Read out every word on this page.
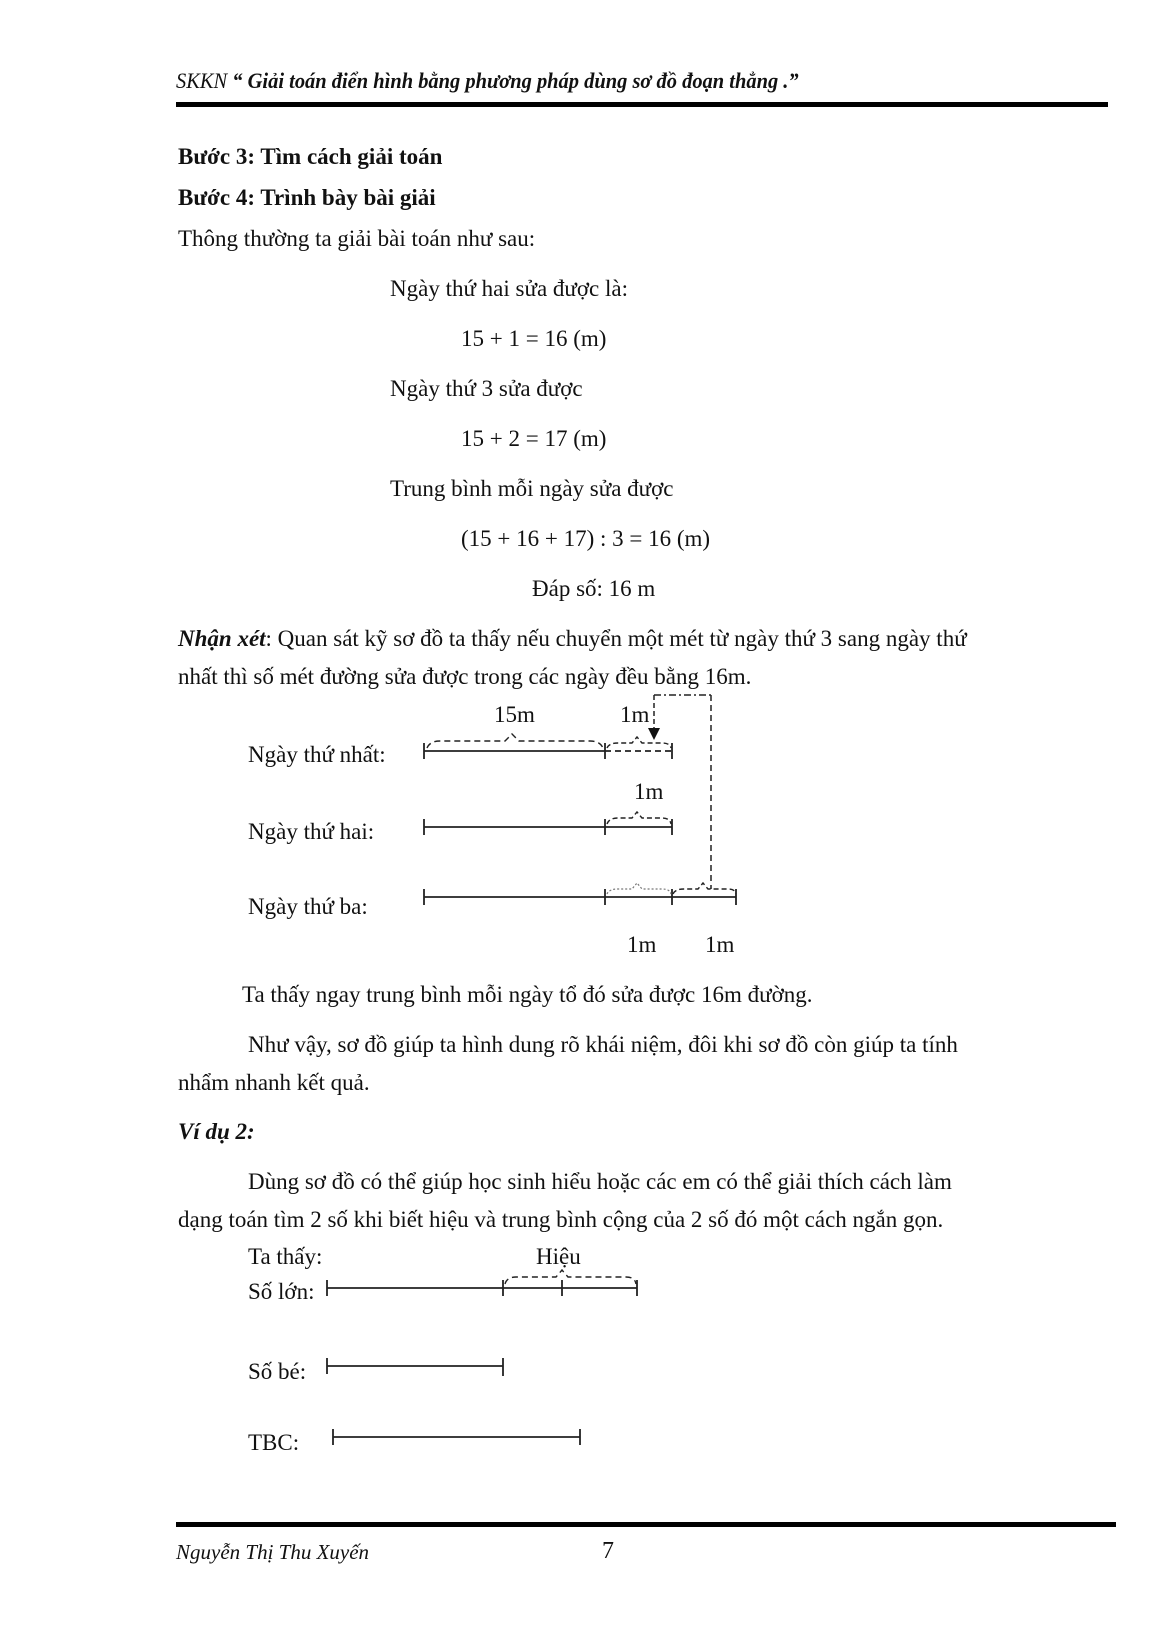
SKKN “ Giải toán điển hình bằng phương pháp dùng sơ đồ đoạn thẳng .”
Bước 3: Tìm cách giải toán
Bước 4: Trình bày bài giải
Thông thường ta giải bài toán như sau:
Ngày thứ hai sửa được là:
15 + 1 = 16 (m)
Ngày thứ 3 sửa được
15 + 2 = 17 (m)
Trung bình mỗi ngày sửa được
(15 + 16 + 17) : 3 = 16 (m)
Đáp số: 16 m
Nhận xét: Quan sát kỹ sơ đồ ta thấy nếu chuyển một mét từ ngày thứ 3 sang ngày thứ
nhất thì số mét đường sửa được trong các ngày đều bằng 16m.
15m	1m
1m
Ngày thứ nhất:
Ngày thứ hai:
Ngày thứ ba:
1m 1m
Ta thấy ngay trung bình mỗi ngày tổ đó sửa được 16m đường.
Như vậy, sơ đồ giúp ta hình dung rõ khái niệm, đôi khi sơ đồ còn giúp ta tính
nhẩm nhanh kết quả.
Ví dụ 2:
Dùng sơ đồ có thể giúp học sinh hiểu hoặc các em có thể giải thích cách làm
dạng toán tìm 2 số khi biết hiệu và trung bình cộng của 2 số đó một cách ngắn gọn.
Ta thấy:	Hiệu
Số lớn:
Số bé:
TBC:
Nguyễn Thị Thu Xuyến	7
